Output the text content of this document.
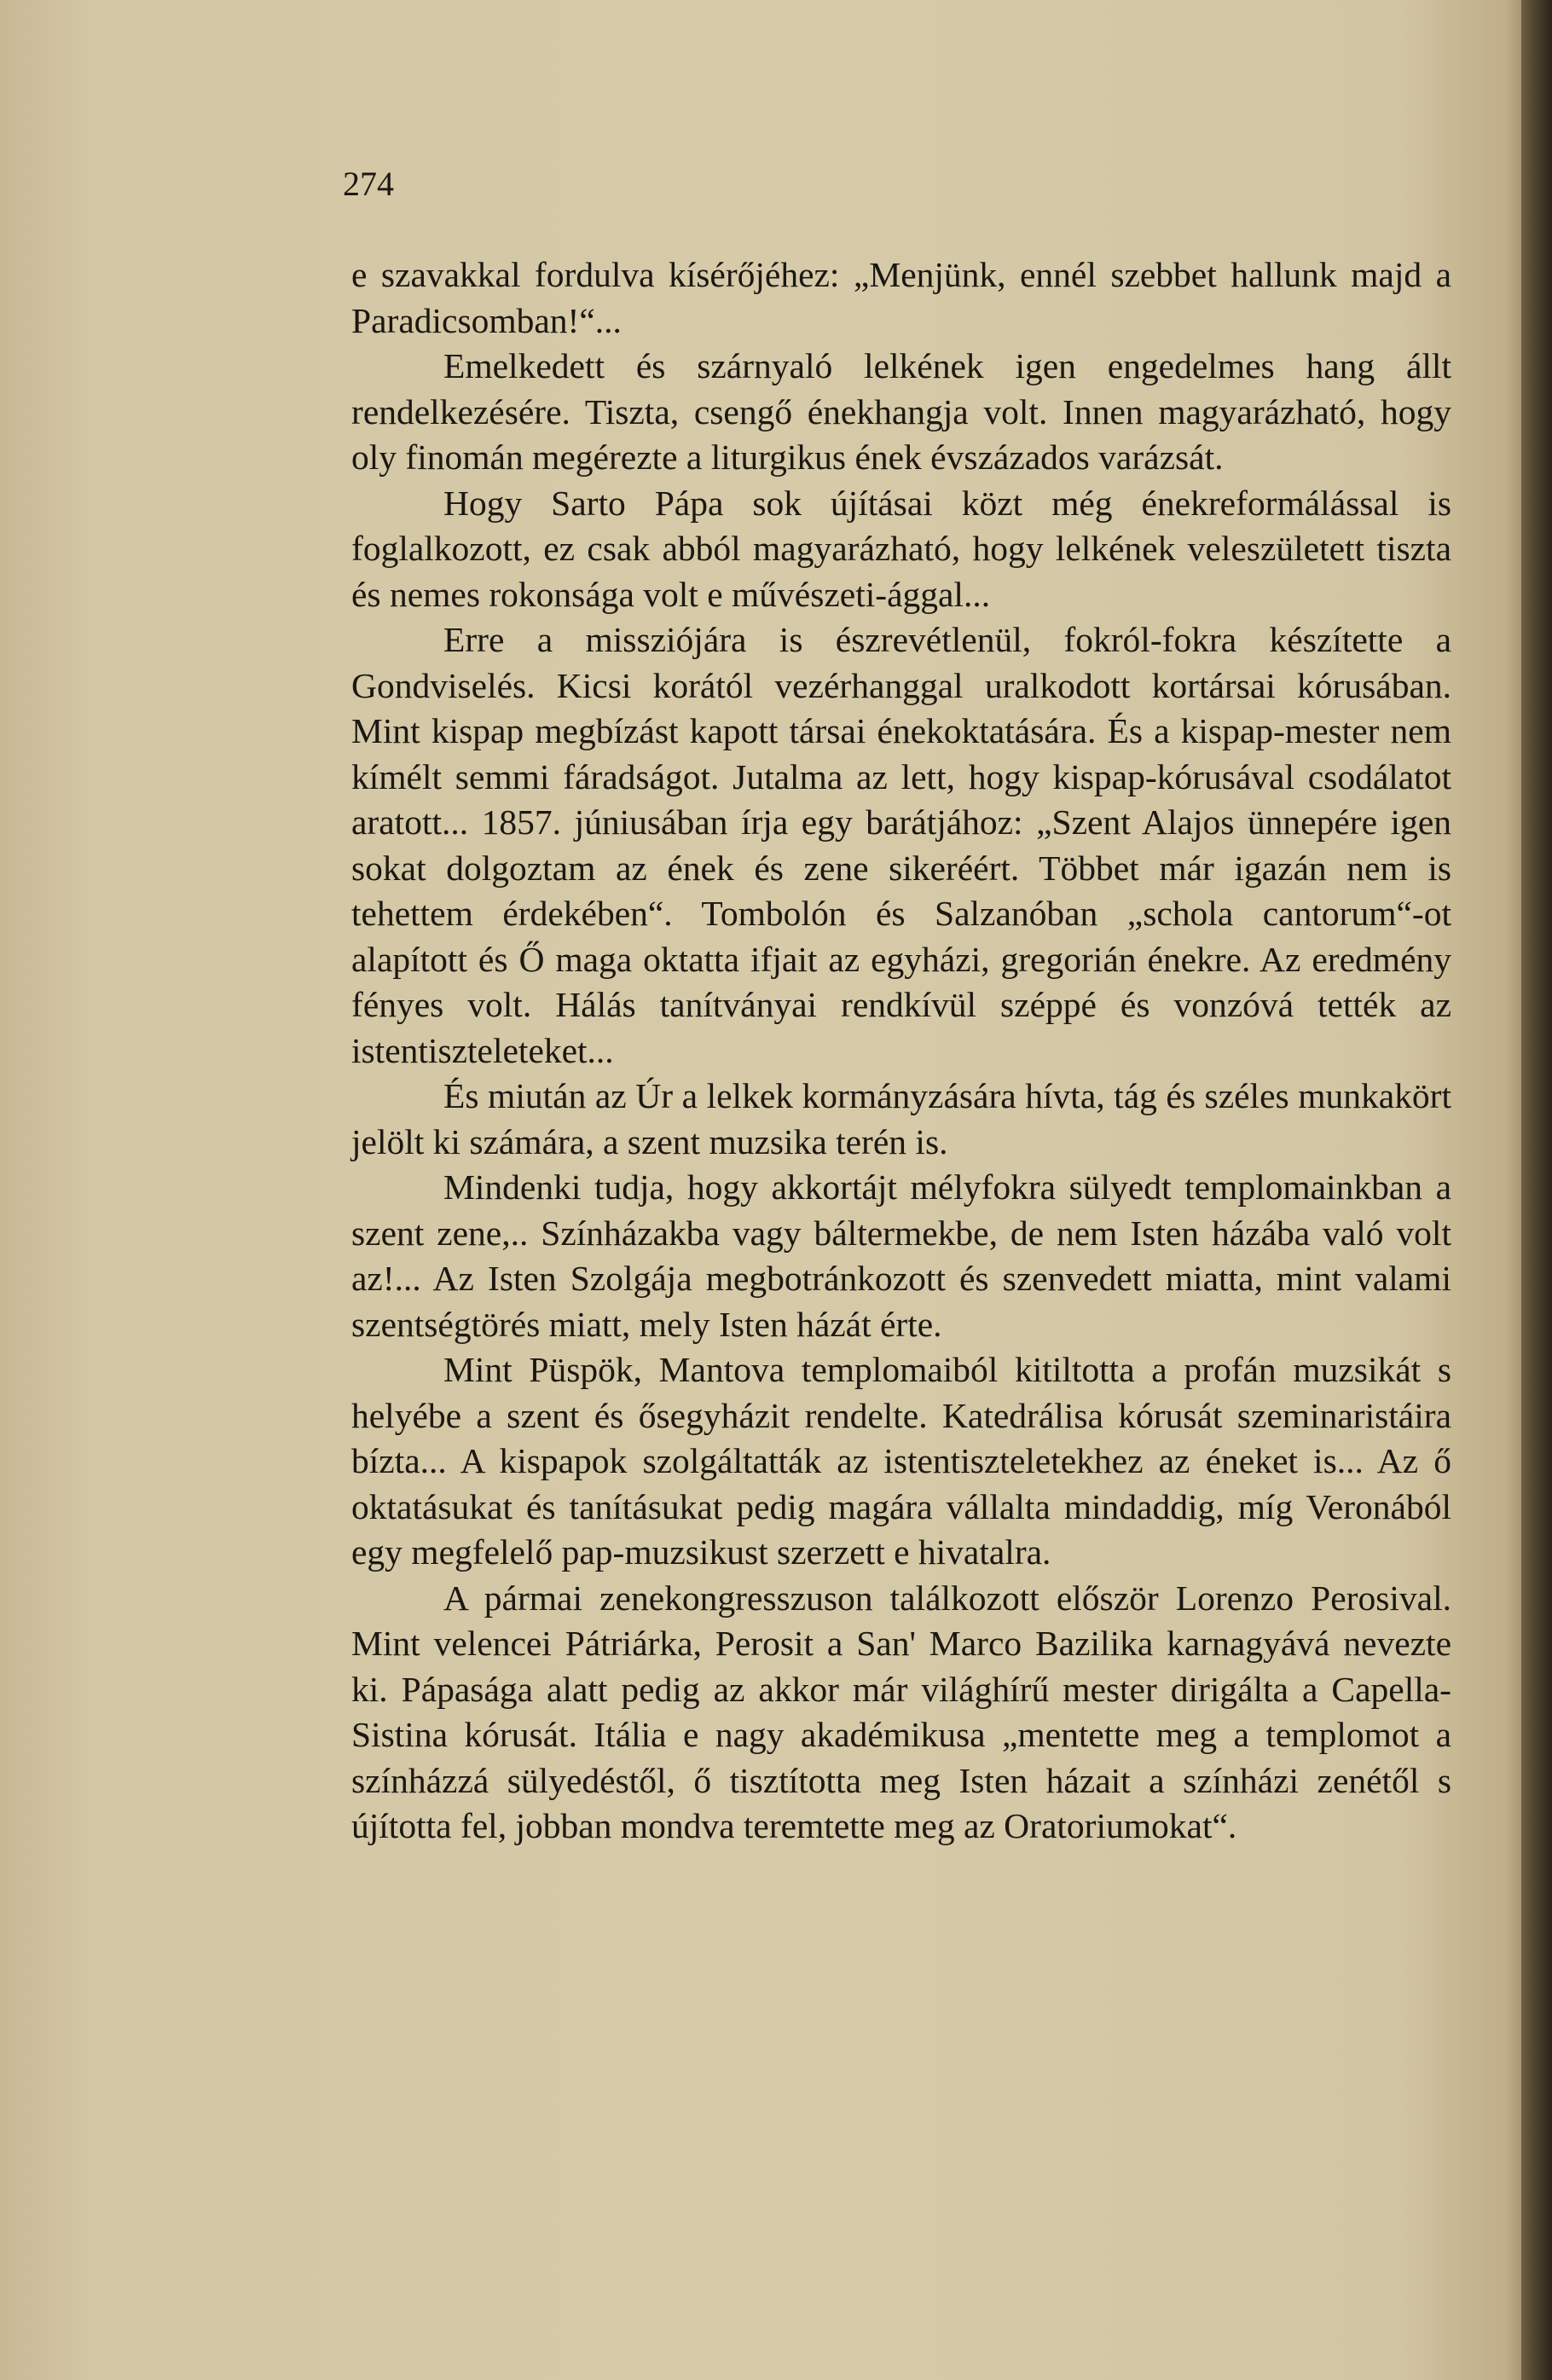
274

e szavakkal fordulva kísérőjéhez: „Menjünk, ennél szebbet hallunk majd a Paradicsomban!“...

Emelkedett és szárnyaló lelkének igen engedelmes hang állt rendelkezésére. Tiszta, csengő énekhangja volt. Innen magyarázható, hogy oly finomán megérezte a liturgikus ének évszázados varázsát.

Hogy Sarto Pápa sok újításai közt még énekreformálással is foglalkozott, ez csak abból magyarázható, hogy lelkének veleszületett tiszta és nemes rokonsága volt e művészeti-ággal...

Erre a missziójára is észrevétlenül, fokról-fokra készítette a Gondviselés. Kicsi korától vezérhanggal uralkodott kortársai kórusában. Mint kispap megbízást kapott társai énekoktatására. És a kispap-mester nem kímélt semmi fáradságot. Jutalma az lett, hogy kispap-kórusával csodálatot aratott... 1857. júniusában írja egy barátjához: „Szent Alajos ünnepére igen sokat dolgoztam az ének és zene sikeréért. Többet már igazán nem is tehettem érdekében“. Tombolón és Salzanóban „schola cantorum“-ot alapított és Ő maga oktatta ifjait az egyházi, gregorián énekre. Az eredmény fényes volt. Hálás tanítványai rendkívül széppé és vonzóvá tették az istentiszteleteket...

És miután az Úr a lelkek kormányzására hívta, tág és széles munkakört jelölt ki számára, a szent muzsika terén is.

Mindenki tudja, hogy akkortájt mélyfokra sülyedt templomainkban a szent zene,.. Színházakba vagy báltermekbe, de nem Isten házába való volt az!... Az Isten Szolgája megbotránkozott és szenvedett miatta, mint valami szentségtörés miatt, mely Isten házát érte.

Mint Püspök, Mantova templomaiból kitiltotta a profán muzsikát s helyébe a szent és ősegyházit rendelte. Katedrálisa kórusát szeminaristáira bízta... A kispapok szolgáltatták az istentiszteletekhez az éneket is... Az ő oktatásukat és tanításukat pedig magára vállalta mindaddig, míg Veronából egy megfelelő pap-muzsikust szerzett e hivatalra.

A pármai zenekongresszuson találkozott először Lorenzo Perosival. Mint velencei Pátriárka, Perosit a San' Marco Bazilika karnagyává nevezte ki. Pápasága alatt pedig az akkor már világhírű mester dirigálta a Capella-Sistina kórusát. Itália e nagy akadémikusa „mentette meg a templomot a színházzá sülyedéstől, ő tisztította meg Isten házait a színházi zenétől s újította fel, jobban mondva teremtette meg az Oratoriumokat“.
